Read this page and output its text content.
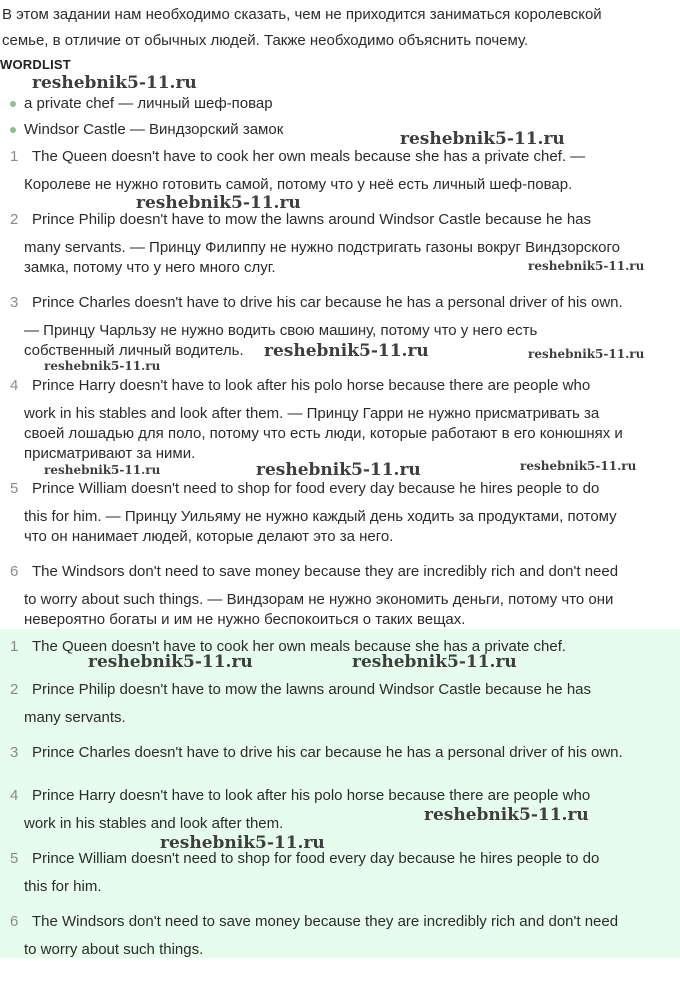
В этом задании нам необходимо сказать, чем не приходится заниматься королевской
семье, в отличие от обычных людей. Также необходимо объяснить почему.
WORDLIST
a private chef — личный шеф-повар
Windsor Castle — Виндзорский замок
1 The Queen doesn't have to cook her own meals because she has a private chef. —
Королеве не нужно готовить самой, потому что у неё есть личный шеф-повар.
2 Prince Philip doesn't have to mow the lawns around Windsor Castle because he has
many servants. — Принцу Филиппу не нужно подстригать газоны вокруг Виндзорского
замка, потому что у него много слуг.
3 Prince Charles doesn't have to drive his car because he has a personal driver of his own.
— Принцу Чарльзу не нужно водить свою машину, потому что у него есть
собственный личный водитель.
4 Prince Harry doesn't have to look after his polo horse because there are people who
work in his stables and look after them. — Принцу Гарри не нужно присматривать за
своей лошадью для поло, потому что есть люди, которые работают в его конюшнях и
присматривают за ними.
5 Prince William doesn't need to shop for food every day because he hires people to do
this for him. — Принцу Уильяму не нужно каждый день ходить за продуктами, потому
что он нанимает людей, которые делают это за него.
6 The Windsors don't need to save money because they are incredibly rich and don't need
to worry about such things. — Виндзорам не нужно экономить деньги, потому что они
невероятно богаты и им не нужно беспокоиться о таких вещах.
1 The Queen doesn't have to cook her own meals because she has a private chef.
2 Prince Philip doesn't have to mow the lawns around Windsor Castle because he has
many servants.
3 Prince Charles doesn't have to drive his car because he has a personal driver of his own.
4 Prince Harry doesn't have to look after his polo horse because there are people who
work in his stables and look after them.
5 Prince William doesn't need to shop for food every day because he hires people to do
this for him.
6 The Windsors don't need to save money because they are incredibly rich and don't need
to worry about such things.
reshebnik5-11.ru
reshebnik5-11.ru
reshebnik5-11.ru
reshebnik5-11.ru
reshebnik5-11.ru	reshebnik5-11.ru
reshebnik5-11.ru
reshebnik5-11.ru	reshebnik5-11.ru	reshebnik5-11.ru
reshebnik5-11.ru	reshebnik5-11.ru
reshebnik5-11.ru
reshebnik5-11.ru
